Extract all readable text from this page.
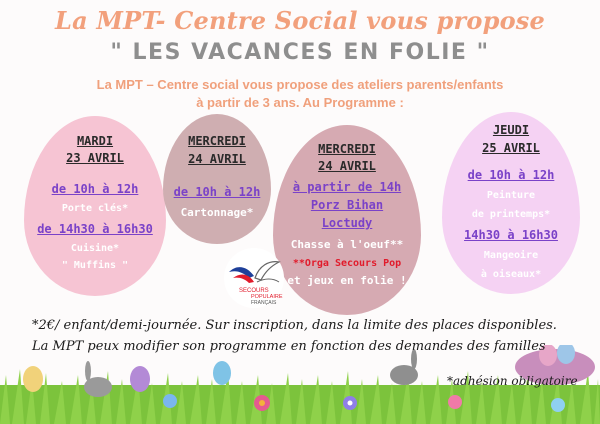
La MPT- Centre Social vous propose
" LES VACANCES EN FOLIE "
La MPT – Centre social vous propose des ateliers parents/enfants
à partir de 3 ans. Au Programme :
MARDI
23 AVRIL
de 10h à 12h
Porte clés*
de 14h30 à 16h30
Cuisine*
" Muffins "
MERCREDI
24 AVRIL
de 10h à 12h
Cartonnage*
MERCREDI
24 AVRIL
à partir de 14h
Porz Bihan
Loctudy
Chasse à l'oeuf**
**Orga Secours Pop
et jeux en folie !
JEUDI
25 AVRIL
de 10h à 12h
Peinture
de printemps*
14h30 à 16h30
Mangeoire
à oiseaux*
SECOURS
POPULAIRE
FRANÇAIS
*2€/ enfant/demi-journée. Sur inscription, dans la limite des places disponibles.
La MPT peux modifier son programme en fonction des demandes des familles
*adhésion obligatoire
